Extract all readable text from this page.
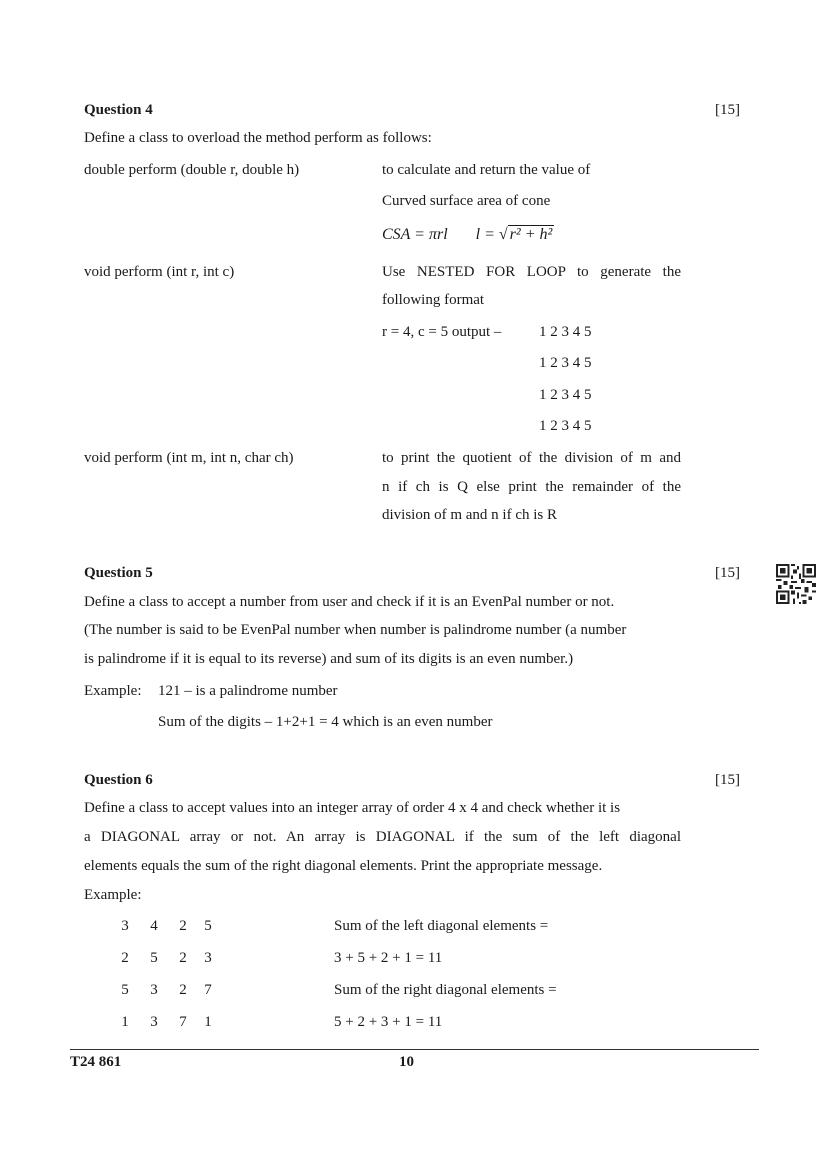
Question 4	[15]
Define a class to overload the method perform as follows:
double perform (double r, double h)	to calculate and return the value of
Curved surface area of cone
CSA = πrl l = √ r² + h²
void perform (int r, int c)	Use NESTED FOR LOOP to generate the
following format
r = 4, c = 5 output –	1 2 3 4 5
1 2 3 4 5
1 2 3 4 5
1 2 3 4 5
void perform (int m, int n, char ch)	to print the quotient of the division of m and
n if ch is Q else print the remainder of the
division of m and n if ch is R
Question 5	[15]
Define a class to accept a number from user and check if it is an EvenPal number or not.
(The number is said to be EvenPal number when number is palindrome number (a number
is palindrome if it is equal to its reverse) and sum of its digits is an even number.)
Example: 121 – is a palindrome number
Sum of the digits – 1+2+1 = 4 which is an even number
Question 6	[15]
Define a class to accept values into an integer array of order 4 x 4 and check whether it is
a DIAGONAL array or not. An array is DIAGONAL if the sum of the left diagonal
elements equals the sum of the right diagonal elements. Print the appropriate message.
Example:
3 4 2 5
2 5 2 3
5 3 2 7
1 3 7 1
Sum of the left diagonal elements =
3 + 5 + 2 + 1 = 11
Sum of the right diagonal elements =
5 + 2 + 3 + 1 = 11
T24 861	10
